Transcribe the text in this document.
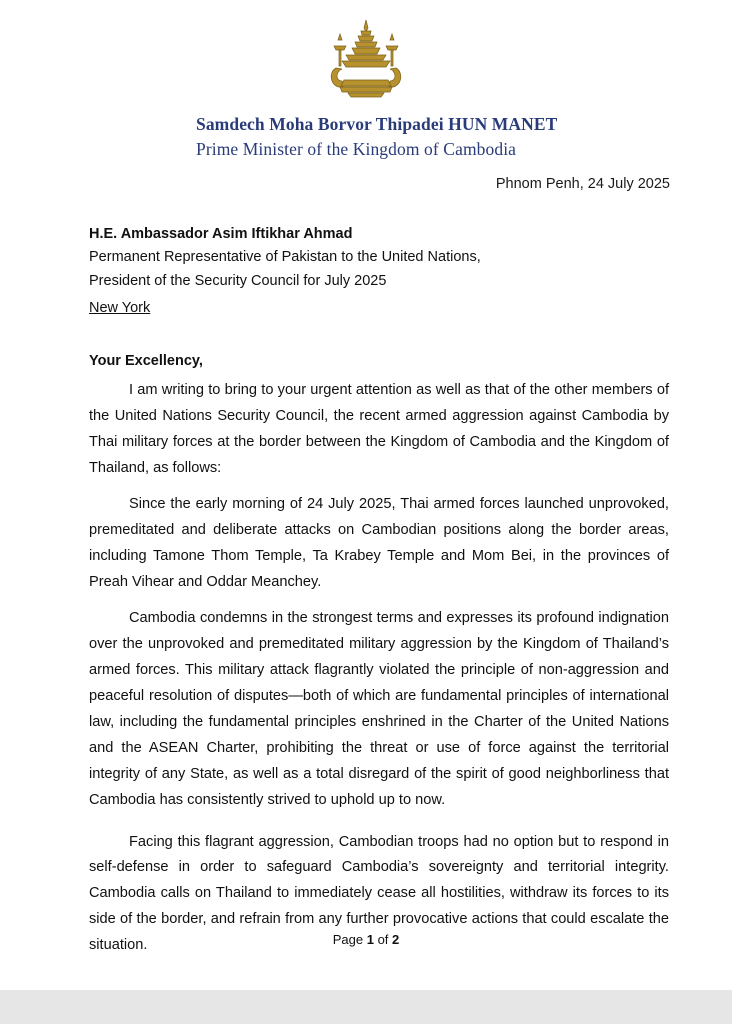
Samdech Moha Borvor Thipadei HUN MANET
Prime Minister of the Kingdom of Cambodia
Phnom Penh, 24 July 2025
H.E. Ambassador Asim Iftikhar Ahmad
Permanent Representative of Pakistan to the United Nations,
President of the Security Council for July 2025
New York
Your Excellency,

I am writing to bring to your urgent attention as well as that of the other members of the United Nations Security Council, the recent armed aggression against Cambodia by Thai military forces at the border between the Kingdom of Cambodia and the Kingdom of Thailand, as follows:

Since the early morning of 24 July 2025, Thai armed forces launched unprovoked, premeditated and deliberate attacks on Cambodian positions along the border areas, including Tamone Thom Temple, Ta Krabey Temple and Mom Bei, in the provinces of Preah Vihear and Oddar Meanchey.

Cambodia condemns in the strongest terms and expresses its profound indignation over the unprovoked and premeditated military aggression by the Kingdom of Thailand’s armed forces. This military attack flagrantly violated the principle of non-aggression and peaceful resolution of disputes—both of which are fundamental principles of international law, including the fundamental principles enshrined in the Charter of the United Nations and the ASEAN Charter, prohibiting the threat or use of force against the territorial integrity of any State, as well as a total disregard of the spirit of good neighborliness that Cambodia has consistently strived to uphold up to now.

Facing this flagrant aggression, Cambodian troops had no option but to respond in self-defense in order to safeguard Cambodia’s sovereignty and territorial integrity. Cambodia calls on Thailand to immediately cease all hostilities, withdraw its forces to its side of the border, and refrain from any further provocative actions that could escalate the situation.	Page 1 of 2
